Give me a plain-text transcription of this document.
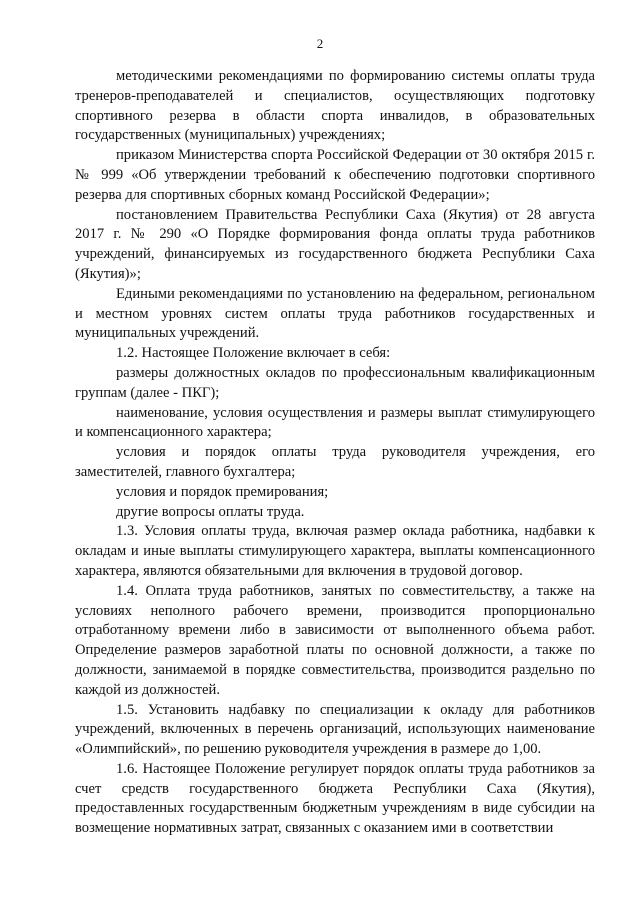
2

методическими рекомендациями по формированию системы оплаты труда тренеров-преподавателей и специалистов, осуществляющих подготовку спортивного резерва в области спорта инвалидов, в образовательных государственных (муниципальных) учреждениях;

приказом Министерства спорта Российской Федерации от 30 октября 2015 г. № 999 «Об утверждении требований к обеспечению подготовки спортивного резерва для спортивных сборных команд Российской Федерации»;

постановлением Правительства Республики Саха (Якутия) от 28 августа 2017 г. № 290 «О Порядке формирования фонда оплаты труда работников учреждений, финансируемых из государственного бюджета Республики Саха (Якутия)»;

Едиными рекомендациями по установлению на федеральном, региональном и местном уровнях систем оплаты труда работников государственных и муниципальных учреждений.

1.2. Настоящее Положение включает в себя:

размеры должностных окладов по профессиональным квалификационным группам (далее - ПКГ);

наименование, условия осуществления и размеры выплат стимулирующего и компенсационного характера;

условия и порядок оплаты труда руководителя учреждения, его заместителей, главного бухгалтера;

условия и порядок премирования;

другие вопросы оплаты труда.

1.3. Условия оплаты труда, включая размер оклада работника, надбавки к окладам и иные выплаты стимулирующего характера, выплаты компенсационного характера, являются обязательными для включения в трудовой договор.

1.4. Оплата труда работников, занятых по совместительству, а также на условиях неполного рабочего времени, производится пропорционально отработанному времени либо в зависимости от выполненного объема работ. Определение размеров заработной платы по основной должности, а также по должности, занимаемой в порядке совместительства, производится раздельно по каждой из должностей.

1.5. Установить надбавку по специализации к окладу для работников учреждений, включенных в перечень организаций, использующих наименование «Олимпийский», по решению руководителя учреждения в размере до 1,00.

1.6. Настоящее Положение регулирует порядок оплаты труда работников за счет средств государственного бюджета Республики Саха (Якутия), предоставленных государственным бюджетным учреждениям в виде субсидии на возмещение нормативных затрат, связанных с оказанием ими в соответствии
